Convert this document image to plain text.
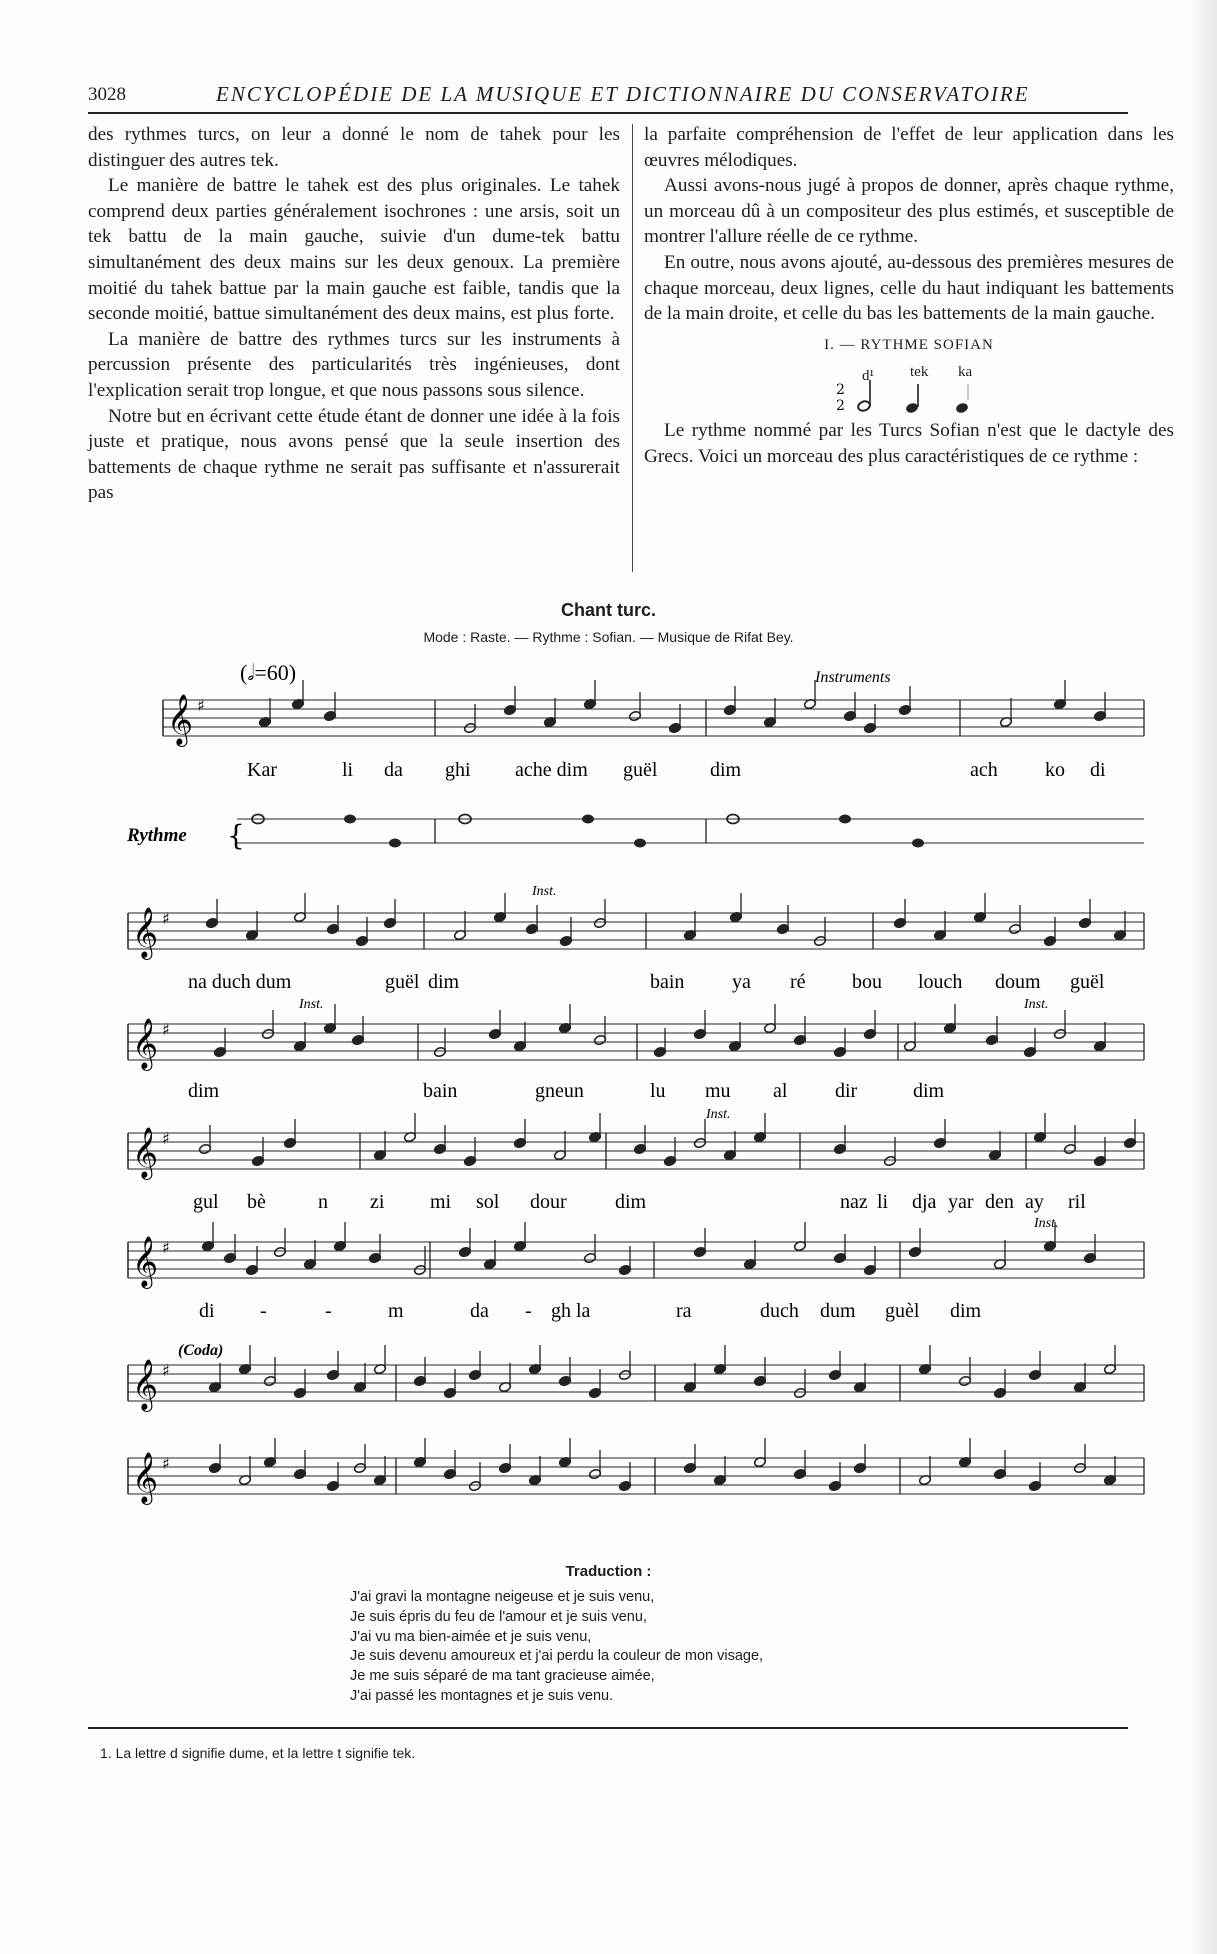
3028	ENCYCLOPÉDIE DE LA MUSIQUE ET DICTIONNAIRE DU CONSERVATOIRE

des rythmes turcs, on leur a donné le nom de tahek pour les distinguer des autres tek.

Le manière de battre le tahek est des plus originales. Le tahek comprend deux parties généralement isochrones : une arsis, soit un tek battu de la main gauche, suivie d'un dume-tek battu simultanément des deux mains sur les deux genoux. La première moitié du tahek battue par la main gauche est faible, tandis que la seconde moitié, battue simultanément des deux mains, est plus forte.

La manière de battre des rythmes turcs sur les instruments à percussion présente des particularités très ingénieuses, dont l'explication serait trop longue, et que nous passons sous silence.

Notre but en écrivant cette étude étant de donner une idée à la fois juste et pratique, nous avons pensé que la seule insertion des battements de chaque rythme ne serait pas suffisante et n'assurerait pas

la parfaite compréhension de l'effet de leur application dans les œuvres mélodiques.

Aussi avons-nous jugé à propos de donner, après chaque rythme, un morceau dû à un compositeur des plus estimés, et susceptible de montrer l'allure réelle de ce rythme.

En outre, nous avons ajouté, au-dessous des premières mesures de chaque morceau, deux lignes, celle du haut indiquant les battements de la main droite, et celle du bas les battements de la main gauche.

I. — RYTHME SOFIAN
d¹ tek ka
2
2

Le rythme nommé par les Turcs Sofian n'est que le dactyle des Grecs. Voici un morceau des plus caractéristiques de ce rythme :

Chant turc.
Mode : Raste. — Rythme : Sofian. — Musique de Rifat Bey.
(𝅗𝅥=60)	Instruments
Rythme
Inst.
Inst.	Inst.
Inst.
Inst.
(Coda)
𝄞 ♯
Kar	li da ghi ache dim guël	dim	ach ko di
{
𝄞 ♯
na duch dum	guël dim	bain ya ré bou louch doum guël
𝄞 ♯
dim	bain	gneun	lu mu al dir	dim
𝄞 ♯
gul bè	n zi mi sol dour dim	naz li dja yar den ay ril
𝄞 ♯
di -	-	m	da - gh la	ra	duch dum guèl dim
𝄞 ♯
𝄞 ♯
Traduction :
J'ai gravi la montagne neigeuse et je suis venu,
Je suis épris du feu de l'amour et je suis venu,
J'ai vu ma bien-aimée et je suis venu,
Je suis devenu amoureux et j'ai perdu la couleur de mon visage,
Je me suis séparé de ma tant gracieuse aimée,
J'ai passé les montagnes et je suis venu.
1. La lettre d signifie dume, et la lettre t signifie tek.
